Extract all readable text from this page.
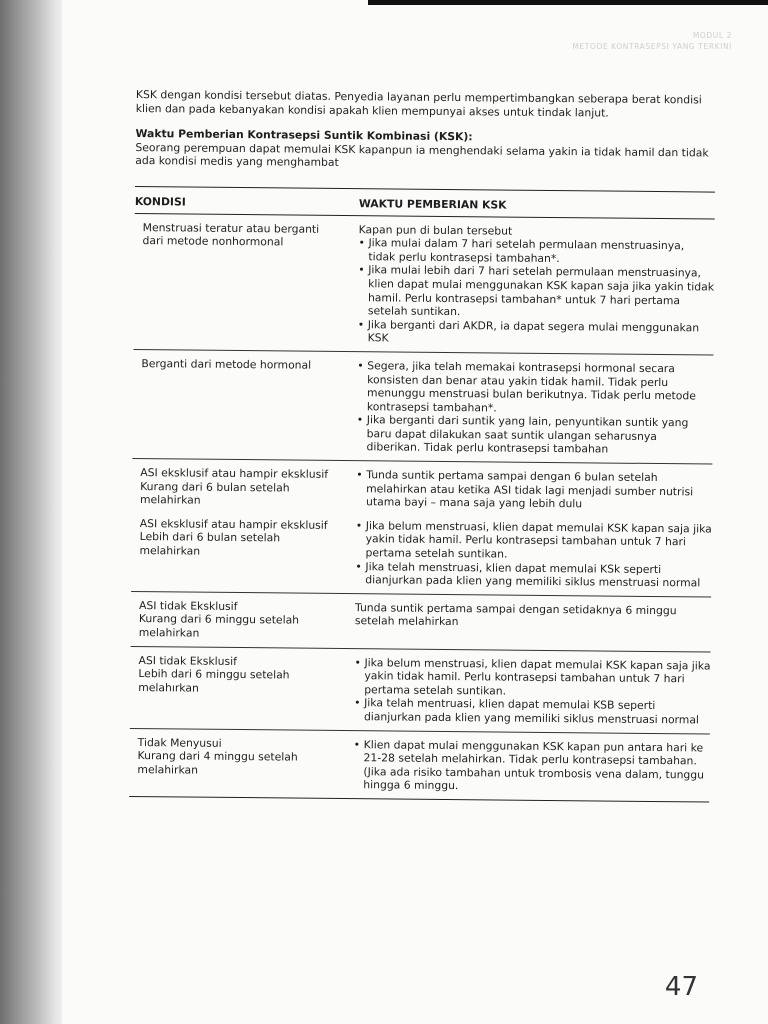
MODUL 2
METODE KONTRASEPSI YANG TERKINI

KSK dengan kondisi tersebut diatas. Penyedia layanan perlu mempertimbangkan seberapa berat kondisi klien dan pada kebanyakan kondisi apakah klien mempunyai akses untuk tindak lanjut.

Waktu Pemberian Kontrasepsi Suntik Kombinasi (KSK):

Seorang perempuan dapat memulai KSK kapanpun ia menghendaki selama yakin ia tidak hamil dan tidak ada kondisi medis yang menghambat

KONDISI	WAKTU PEMBERIAN KSK
Menstruasi teratur atau berganti
dari metode nonhormonal
Kapan pun di bulan tersebut
• Jika mulai dalam 7 hari setelah permulaan menstruasinya, tidak perlu kontrasepsi tambahan*.
• Jika mulai lebih dari 7 hari setelah permulaan menstruasinya, klien dapat mulai menggunakan KSK kapan saja jika yakin tidak hamil. Perlu kontrasepsi tambahan* untuk 7 hari pertama setelah suntikan.
• Jika berganti dari AKDR, ia dapat segera mulai menggunakan KSK
Berganti dari metode hormonal
•	Segera, jika telah memakai kontrasepsi hormonal secara konsisten dan benar atau yakin tidak hamil. Tidak perlu menunggu menstruasi bulan berikutnya. Tidak perlu metode kontrasepsi tambahan*.
• Jika berganti dari suntik yang lain, penyuntikan suntik yang baru dapat dilakukan saat suntik ulangan seharusnya diberikan. Tidak perlu kontrasepsi tambahan
ASI eksklusif atau hampir eksklusif
Kurang dari 6 bulan setelah
melahirkan
ASI eksklusif atau hampir eksklusif
Lebih dari 6 bulan setelah
melahirkan
• Tunda suntik pertama sampai dengan 6 bulan setelah melahirkan atau ketika ASI tidak lagi menjadi sumber nutrisi utama bayi – mana saja yang lebih dulu
• Jika belum menstruasi, klien dapat memulai KSK kapan saja jika yakin tidak hamil. Perlu kontrasepsi tambahan untuk 7 hari pertama setelah suntikan.
• Jika telah menstruasi, klien dapat memulai KSk seperti dianjurkan pada klien yang memiliki siklus menstruasi normal
ASI tidak Eksklusif
Kurang dari 6 minggu setelah
melahirkan
Tunda suntik pertama sampai dengan setidaknya 6 minggu setelah melahirkan
ASI tidak Eksklusif
Lebih dari 6 minggu setelah
melahırkan
• Jika belum menstruasi, klien dapat memulai KSK kapan saja jika yakin tidak hamil. Perlu kontrasepsi tambahan untuk 7 hari pertama setelah suntikan.
• Jika telah mentruasi, klien dapat memulai KSB seperti dianjurkan pada klien yang memiliki siklus menstruasi normal
Tidak Menyusui
Kurang dari 4 minggu setelah
melahirkan
• Klien dapat mulai menggunakan KSK kapan pun antara hari ke 21-28 setelah melahirkan. Tidak perlu kontrasepsi tambahan. (Jika ada risiko tambahan untuk trombosis vena dalam, tunggu hingga 6 minggu.
47
